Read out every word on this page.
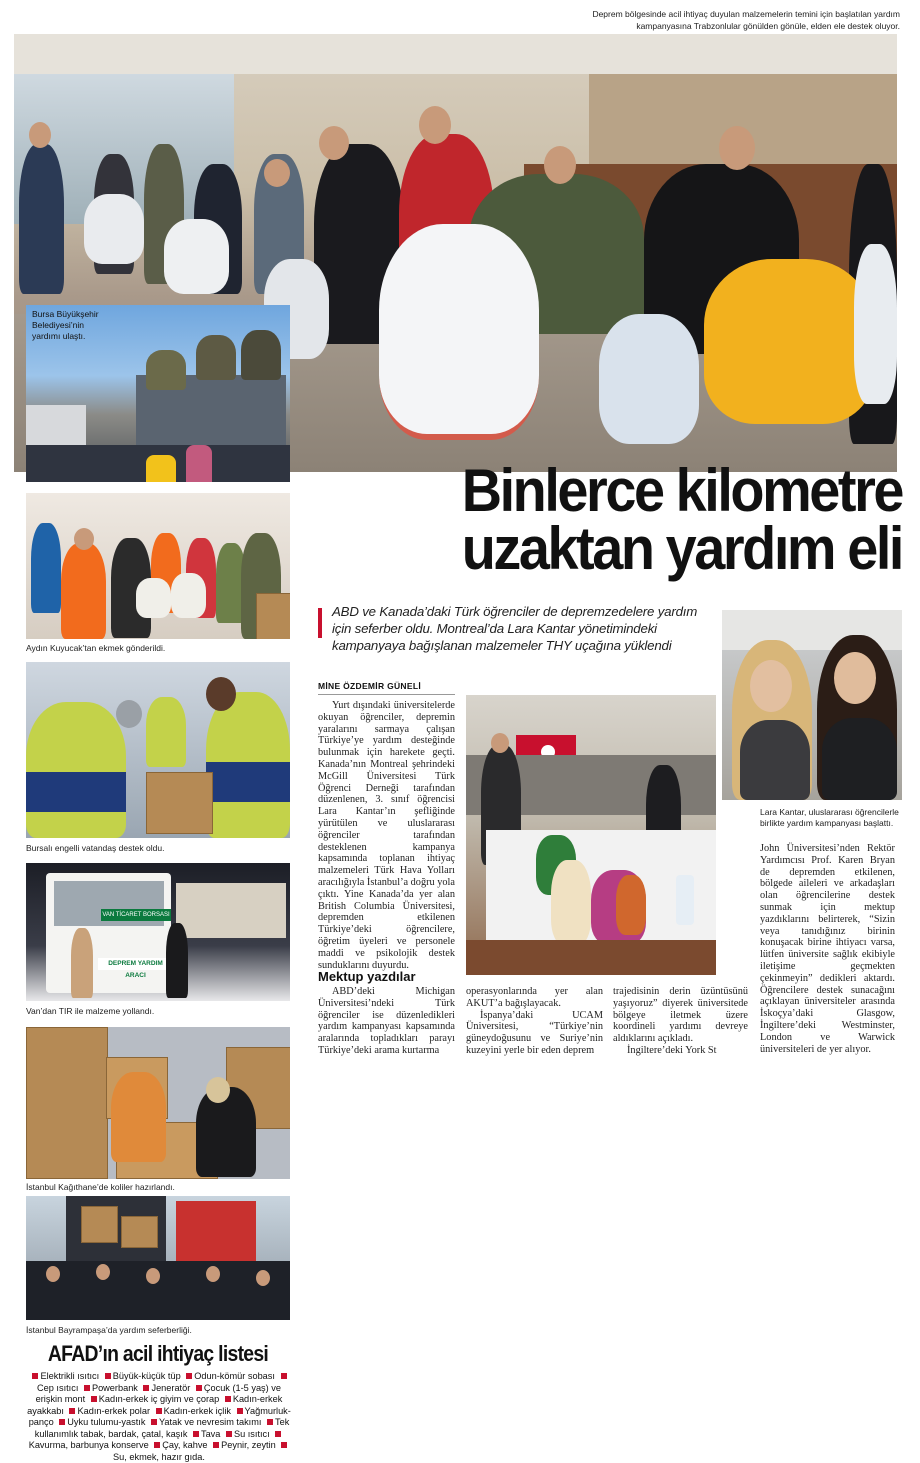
Deprem bölgesinde acil ihtiyaç duyulan malzemelerin temini için başlatılan yardım kampanyasına Trabzonlular gönülden gönüle, elden ele destek oluyor.
Bursa Büyükşehir Belediyesi’nin yardımı ulaştı.
Aydın Kuyucak’tan ekmek gönderildi.
Bursalı engelli vatandaş destek oldu.
VAN TİCARET BORSASI
DEPREM YARDIM ARACI
Van’dan TIR ile malzeme yollandı.
İstanbul Kağıthane’de koliler hazırlandı.
İstanbul Bayrampaşa’da yardım seferberliği.
Binlerce kilometre
uzaktan yardım eli
ABD ve Kanada’daki Türk öğrenciler de depremzedelere yardım için seferber oldu. Montreal’da Lara Kantar yönetimindeki kampanyaya bağışlanan malzemeler THY uçağına yüklendi
MİNE ÖZDEMİR GÜNELİ

Yurt dışındaki üniversitelerde okuyan öğrenciler, depremin yaralarını sarmaya çalışan Türkiye’ye yardım desteğinde bulunmak için harekete geçti. Kanada’nın Montreal şehrindeki McGill Üniversitesi Türk Öğrenci Derneği tarafından düzenlenen, 3. sınıf öğrencisi Lara Kantar’ın şefliğinde yürütülen ve uluslararası öğrenciler tarafından desteklenen kampanya kapsamında toplanan ihtiyaç malzemeleri Türk Hava Yolları aracılığıyla İstanbul’a doğru yola çıktı. Yine Kanada’da yer alan British Columbia Üniversitesi, depremden etkilenen Türkiye’deki öğrencilere, öğretim üyeleri ve personele maddi ve psikolojik destek sunduklarını duyurdu.

Mektup yazdılar

ABD’deki Michigan Üniversitesi’ndeki Türk öğrenciler ise düzenledikleri yardım kampanyası kapsamında aralarında topladıkları parayı Türkiye’deki arama kurtarma

operasyonlarında yer alan AKUT’a bağışlayacak.

İspanya’daki UCAM Üniversitesi, “Türkiye’nin güneydoğusunu ve Suriye’nin kuzeyini yerle bir eden deprem

trajedisinin derin üzüntüsünü yaşıyoruz” diyerek üniversitede bölgeye iletmek üzere koordineli yardımı devreye aldıklarını açıkladı.

İngiltere’deki York St

Lara Kantar, uluslararası öğrencilerle birlikte yardım kampanyası başlattı.

John Üniversitesi’nden Rektör Yardımcısı Prof. Karen Bryan de depremden etkilenen, bölgede aileleri ve arkadaşları olan öğrencilerine destek sunmak için mektup yazdıklarını belirterek, “Sizin veya tanıdığınız birinin konuşacak birine ihtiyacı varsa, lütfen üniversite sağlık ekibiyle iletişime geçmekten çekinmeyin” dedikleri aktardı. Öğrencilere destek sunacağını açıklayan üniversiteler arasında İskoçya’daki Glasgow, İngiltere’deki Westminster, London ve Warwick üniversiteleri de yer alıyor.

AFAD’ın acil ihtiyaç listesi
Elektrikli ısıtıcı Büyük-küçük tüp Odun-kömür sobası Cep ısıtıcı Powerbank Jeneratör Çocuk (1-5 yaş) ve erişkin mont Kadın-erkek iç giyim ve çorap Kadın-erkek ayakkabı Kadın-erkek polar Kadın-erkek içlik Yağmurluk-panço Uyku tulumu-yastık Yatak ve nevresim takımı Tek kullanımlık tabak, bardak, çatal, kaşık Tava Su ısıtıcı Kavurma, barbunya konserve Çay, kahve Peynir, zeytin Su, ekmek, hazır gıda.
